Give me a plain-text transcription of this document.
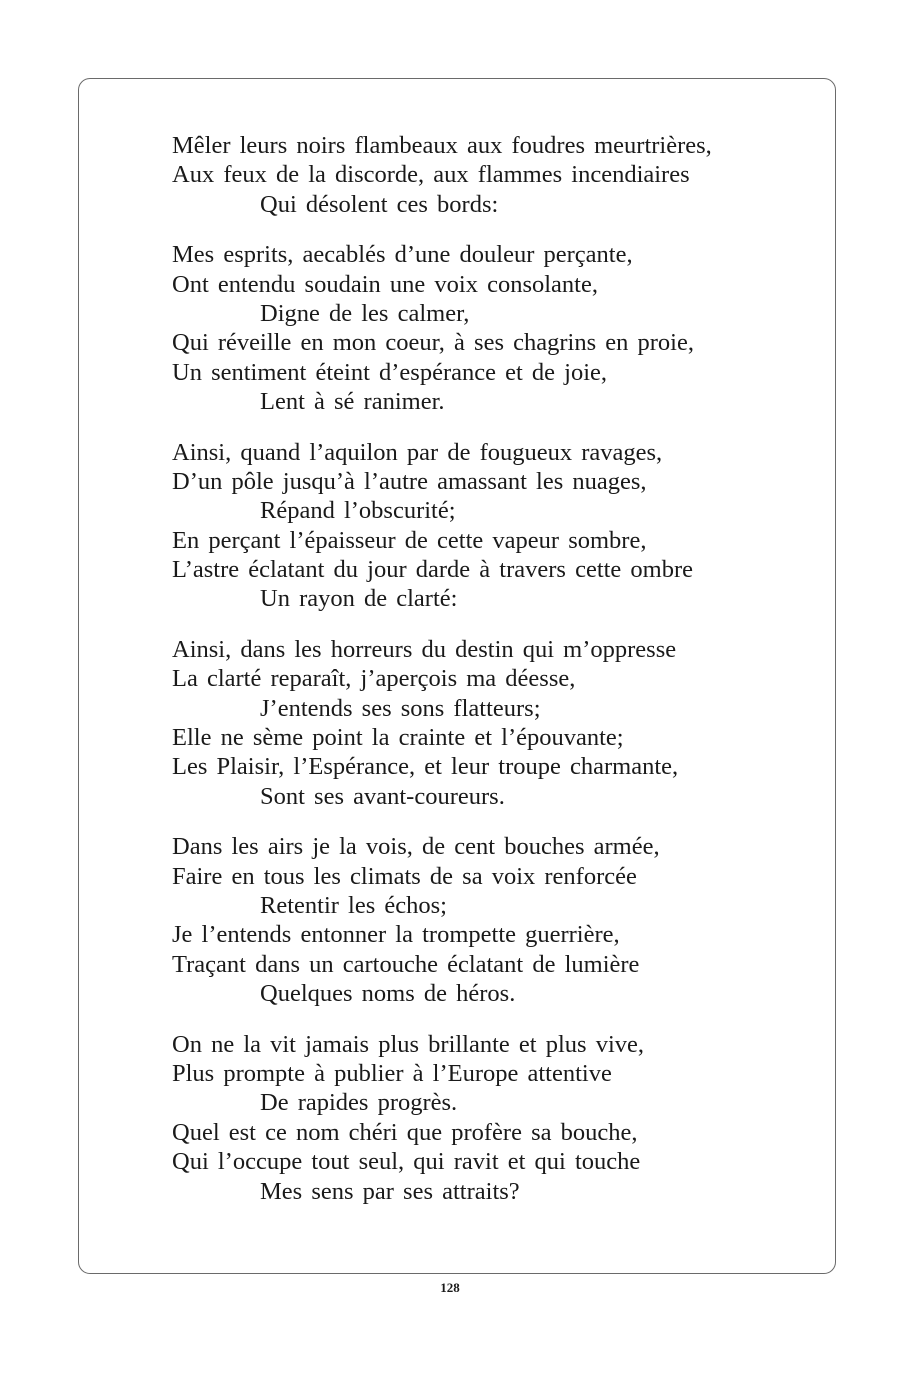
Mêler leurs noirs flambeaux aux foudres meurtrières,
Aux feux de la discorde, aux flammes incendiaires
Qui désolent ces bords:
Mes esprits, aecablés d’une douleur perçante,
Ont entendu soudain une voix consolante,
Digne de les calmer,
Qui réveille en mon coeur, à ses chagrins en proie,
Un sentiment éteint d’espérance et de joie,
Lent à sé ranimer.
Ainsi, quand l’aquilon par de fougueux ravages,
D’un pôle jusqu’à l’autre amassant les nuages,
Répand l’obscurité;
En perçant l’épaisseur de cette vapeur sombre,
L’astre éclatant du jour darde à travers cette ombre
Un rayon de clarté:
Ainsi, dans les horreurs du destin qui m’oppresse
La clarté reparaît, j’aperçois ma déesse,
J’entends ses sons flatteurs;
Elle ne sème point la crainte et l’épouvante;
Les Plaisir, l’Espérance, et leur troupe charmante,
Sont ses avant-coureurs.
Dans les airs je la vois, de cent bouches armée,
Faire en tous les climats de sa voix renforcée
Retentir les échos;
Je l’entends entonner la trompette guerrière,
Traçant dans un cartouche éclatant de lumière
Quelques noms de héros.
On ne la vit jamais plus brillante et plus vive,
Plus prompte à publier à l’Europe attentive
De rapides progrès.
Quel est ce nom chéri que profère sa bouche,
Qui l’occupe tout seul, qui ravit et qui touche
Mes sens par ses attraits?
128
